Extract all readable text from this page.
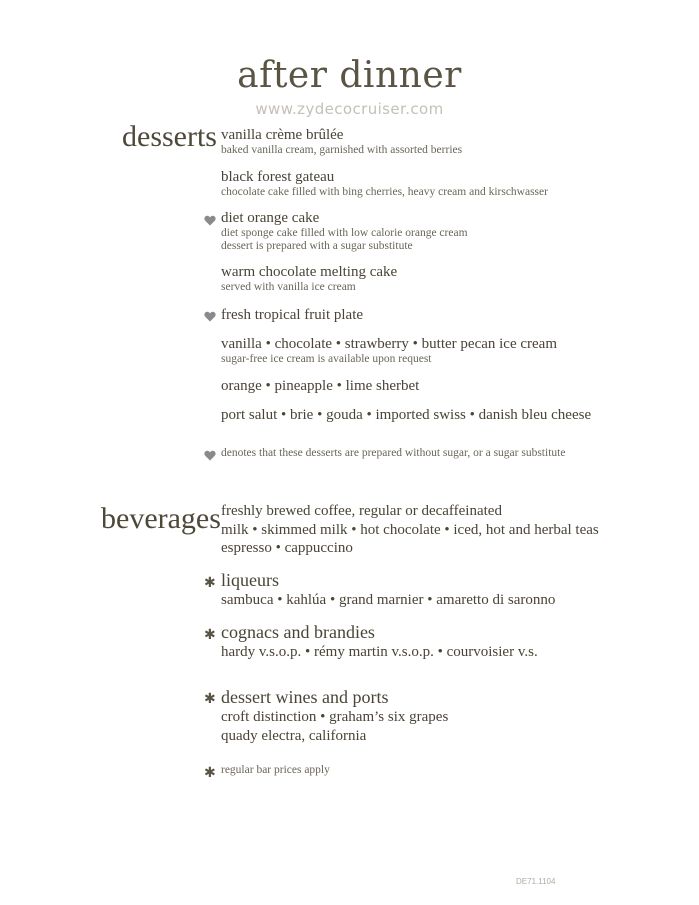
after dinner
www.zydecocruiser.com
desserts vanilla crème brûlée
baked vanilla cream, garnished with assorted berries
black forest gateau
chocolate cake filled with bing cherries, heavy cream and kirschwasser
diet orange cake
diet sponge cake filled with low calorie orange cream
dessert is prepared with a sugar substitute
warm chocolate melting cake
served with vanilla ice cream
fresh tropical fruit plate
vanilla • chocolate • strawberry • butter pecan ice cream
sugar-free ice cream is available upon request
orange • pineapple • lime sherbet
port salut • brie • gouda • imported swiss • danish bleu cheese
denotes that these desserts are prepared without sugar, or a sugar substitute
beverages freshly brewed coffee, regular or decaffeinated
milk • skimmed milk • hot chocolate • iced, hot and herbal teas
espresso • cappuccino
✱ liqueurs
sambuca • kahlúa • grand marnier • amaretto di saronno
✱ cognacs and brandies
hardy v.s.o.p. • rémy martin v.s.o.p. • courvoisier v.s.
✱ dessert wines and ports
croft distinction • graham’s six grapes
quady electra, california
✱ regular bar prices apply
DE71.1104
